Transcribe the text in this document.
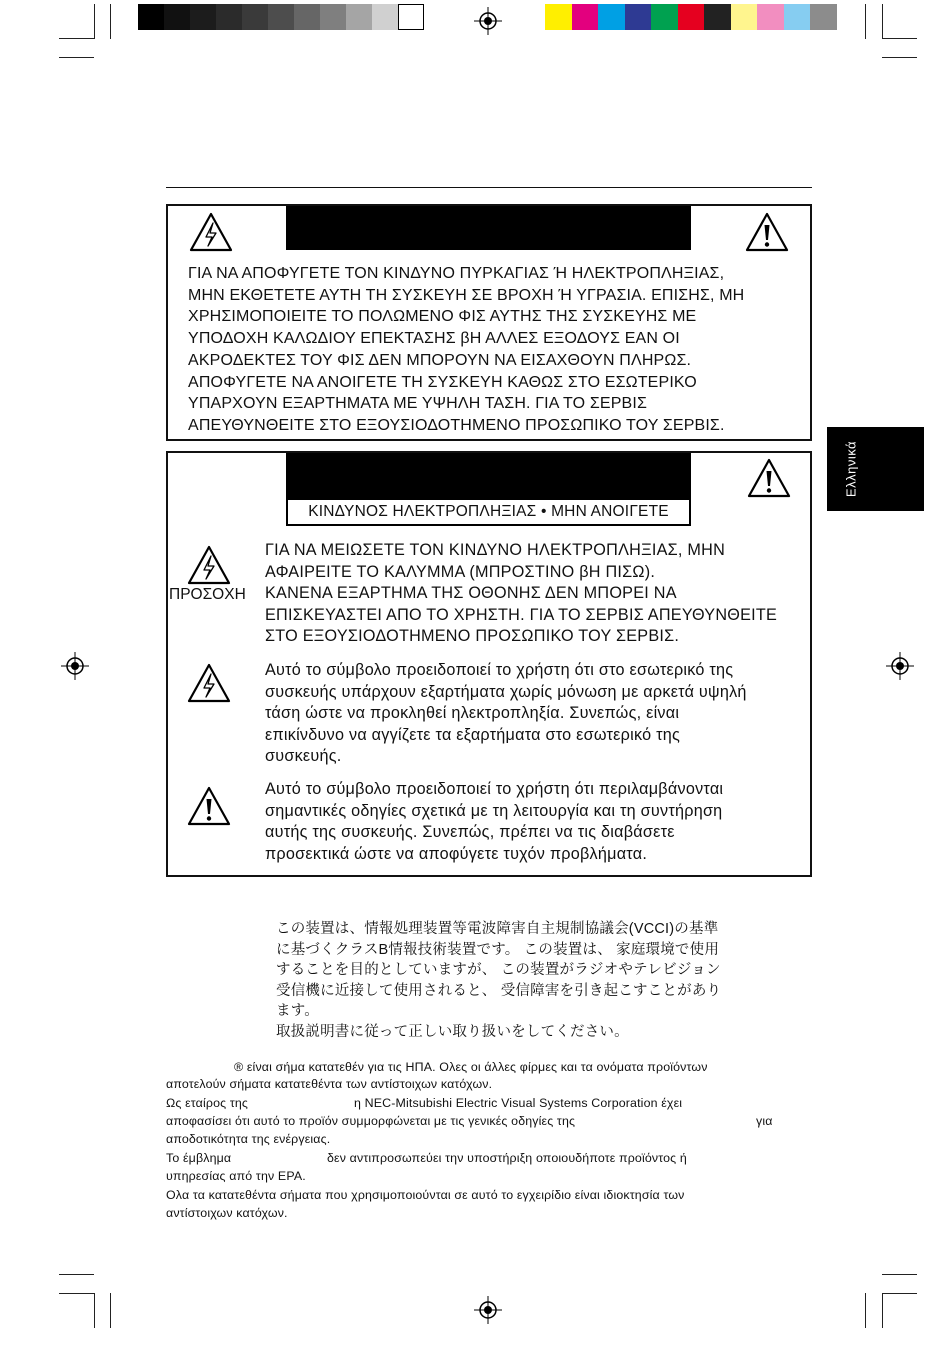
ΓΙΑ ΝΑ ΑΠΟΦΥΓΕΤΕ ΤΟΝ ΚΙΝΔΥΝΟ ΠΥΡΚΑΓΙΑΣ Ή ΗΛΕΚΤΡΟΠΛΗΞΙΑΣ,
ΜΗΝ ΕΚΘΕΤΕΤΕ ΑΥΤΗ ΤΗ ΣΥΣΚΕΥΗ ΣΕ ΒΡΟΧΗ Ή ΥΓΡΑΣΙΑ. ΕΠΙΣΗΣ, ΜΗ
ΧΡΗΣΙΜΟΠΟΙΕΙΤΕ ΤΟ ΠΟΛΩΜΕΝΟ ΦΙΣ ΑΥΤΗΣ ΤΗΣ ΣΥΣΚΕΥΗΣ ΜΕ
ΥΠΟΔΟΧΗ ΚΑΛΩΔΙΟΥ ΕΠΕΚΤΑΣΗΣ βΗ ΑΛΛΕΣ ΕΞΟΔΟΥΣ ΕΑΝ ΟΙ
ΑΚΡΟΔΕΚΤΕΣ ΤΟΥ ΦΙΣ ΔΕΝ ΜΠΟΡΟΥΝ ΝΑ ΕΙΣΑΧΘΟΥΝ ΠΛΗΡΩΣ.
ΑΠΟΦΥΓΕΤΕ ΝΑ ΑΝΟΙΓΕΤΕ ΤΗ ΣΥΣΚΕΥΗ ΚΑΘΩΣ ΣΤΟ ΕΣΩΤΕΡΙΚΟ
ΥΠΑΡΧΟΥΝ ΕΞΑΡΤΗΜΑΤΑ ΜΕ ΥΨΗΛΗ ΤΑΣΗ. ΓΙΑ ΤΟ ΣΕΡΒΙΣ
ΑΠΕΥΘΥΝΘΕΙΤΕ ΣΤΟ ΕΞΟΥΣΙΟΔΟΤΗΜΕΝΟ ΠΡΟΣΩΠΙΚΟ ΤΟΥ ΣΕΡΒΙΣ.
ΚΙΝΔΥΝΟΣ ΗΛΕΚΤΡΟΠΛΗΞΙΑΣ • ΜΗΝ ΑΝΟΙΓΕΤΕ
ΠΡΟΣΟΧΗ
ΓΙΑ ΝΑ ΜΕΙΩΣΕΤΕ ΤΟΝ ΚΙΝΔΥΝΟ ΗΛΕΚΤΡΟΠΛΗΞΙΑΣ, ΜΗΝ
ΑΦΑΙΡΕΙΤΕ ΤΟ ΚΑΛΥΜΜΑ (ΜΠΡΟΣΤΙΝΟ βΗ ΠΙΣΩ).
ΚΑΝΕΝΑ ΕΞΑΡΤΗΜΑ ΤΗΣ ΟΘΟΝΗΣ ΔΕΝ ΜΠΟΡΕΙ ΝΑ
ΕΠΙΣΚΕΥΑΣΤΕΙ ΑΠΟ ΤΟ ΧΡΗΣΤΗ. ΓΙΑ ΤΟ ΣΕΡΒΙΣ ΑΠΕΥΘΥΝΘΕΙΤΕ
ΣΤΟ ΕΞΟΥΣΙΟΔΟΤΗΜΕΝΟ ΠΡΟΣΩΠΙΚΟ ΤΟΥ ΣΕΡΒΙΣ.
Αυτό το σύμβολο προειδοποιεί το χρήστη ότι στο εσωτερικό της
συσκευής υπάρχουν εξαρτήματα χωρίς μόνωση με αρκετά υψηλή
τάση ώστε να προκληθεί ηλεκτροπληξία. Συνεπώς, είναι
επικίνδυνο να αγγίζετε τα εξαρτήματα στο εσωτερικό της
συσκευής.
Αυτό το σύμβολο προειδοποιεί το χρήστη ότι περιλαμβάνονται
σημαντικές οδηγίες σχετικά με τη λειτουργία και τη συντήρηση
αυτής της συσκευής. Συνεπώς, πρέπει να τις διαβάσετε
προσεκτικά ώστε να αποφύγετε τυχόν προβλήματα.
Ελληνικά
この装置は、情報処理装置等電波障害自主規制協議会(VCCI)の基準
に基づくクラスB情報技術装置です。 この装置は、 家庭環境で使用
することを目的としていますが、 この装置がラジオやテレビジョン
受信機に近接して使用されると、 受信障害を引き起こすことがあり
ます。
取扱説明書に従って正しい取り扱いをしてください。
® είναι σήμα κατατεθέν για τις ΗΠΑ. Ολες οι άλλες φίρμες και τα ονόματα προϊόντων
αποτελούν σήματα κατατεθέντα των αντίστοιχων κατόχων.
Ως εταίρος της	η NEC-Mitsubishi Electric Visual Systems Corporation έχει
αποφασίσει ότι αυτό το προϊόν συμμορφώνεται με τις γενικές οδηγίες της	για
αποδοτικότητα της ενέργειας.
Το έμβλημα	δεν αντιπροσωπεύει την υποστήριξη οποιουδήποτε προϊόντος ή
υπηρεσίας από την EPA.
Ολα τα κατατεθέντα σήματα που χρησιμοποιούνται σε αυτό το εγχειρίδιο είναι ιδιοκτησία των
αντίστοιχων κατόχων.
